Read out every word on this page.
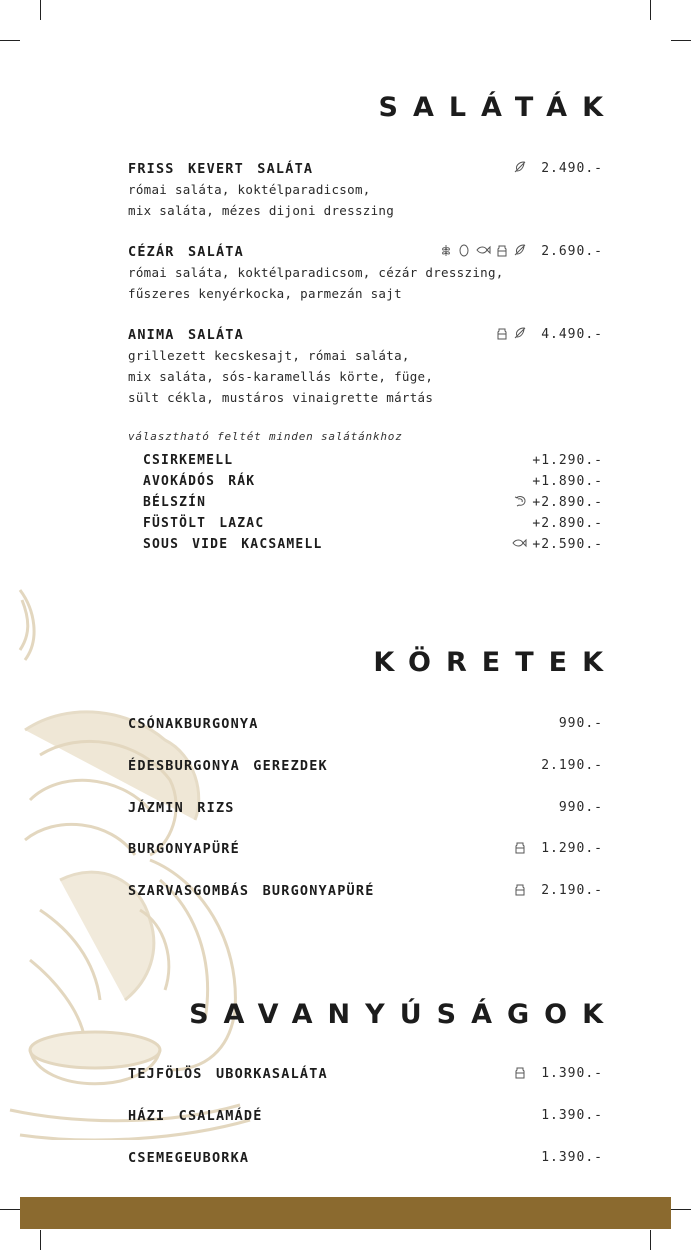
SALÁTÁK
FRISS KEVERT SALÁTA
római saláta, koktélparadicsom,
mix saláta, mézes dijoni dresszing
2.490.-
CÉZÁR SALÁTA
római saláta, koktélparadicsom, cézár dresszing,
fűszeres kenyérkocka, parmezán sajt
2.690.-
ANIMA SALÁTA
grillezett kecskesajt, római saláta,
mix saláta, sós-karamellás körte, füge,
sült cékla, mustáros vinaigrette mártás
4.490.-
választható feltét minden salátánkhoz
CSIRKEMELL	+1.290.-
AVOKÁDÓS RÁK	+1.890.-
BÉLSZÍN	+2.890.-
FÜSTÖLT LAZAC	+2.890.-
SOUS VIDE KACSAMELL	+2.590.-
KÖRETEK
CSÓNAKBURGONYA	990.-
ÉDESBURGONYA GEREZDEK	2.190.-
JÁZMIN RIZS	990.-
BURGONYAPÜRÉ	1.290.-
SZARVASGOMBÁS BURGONYAPÜRÉ	2.190.-
SAVANYÚSÁGOK
TEJFÖLÖS UBORKASALÁTA	1.390.-
HÁZI CSALAMÁDÉ	1.390.-
CSEMEGEUBORKA	1.390.-
